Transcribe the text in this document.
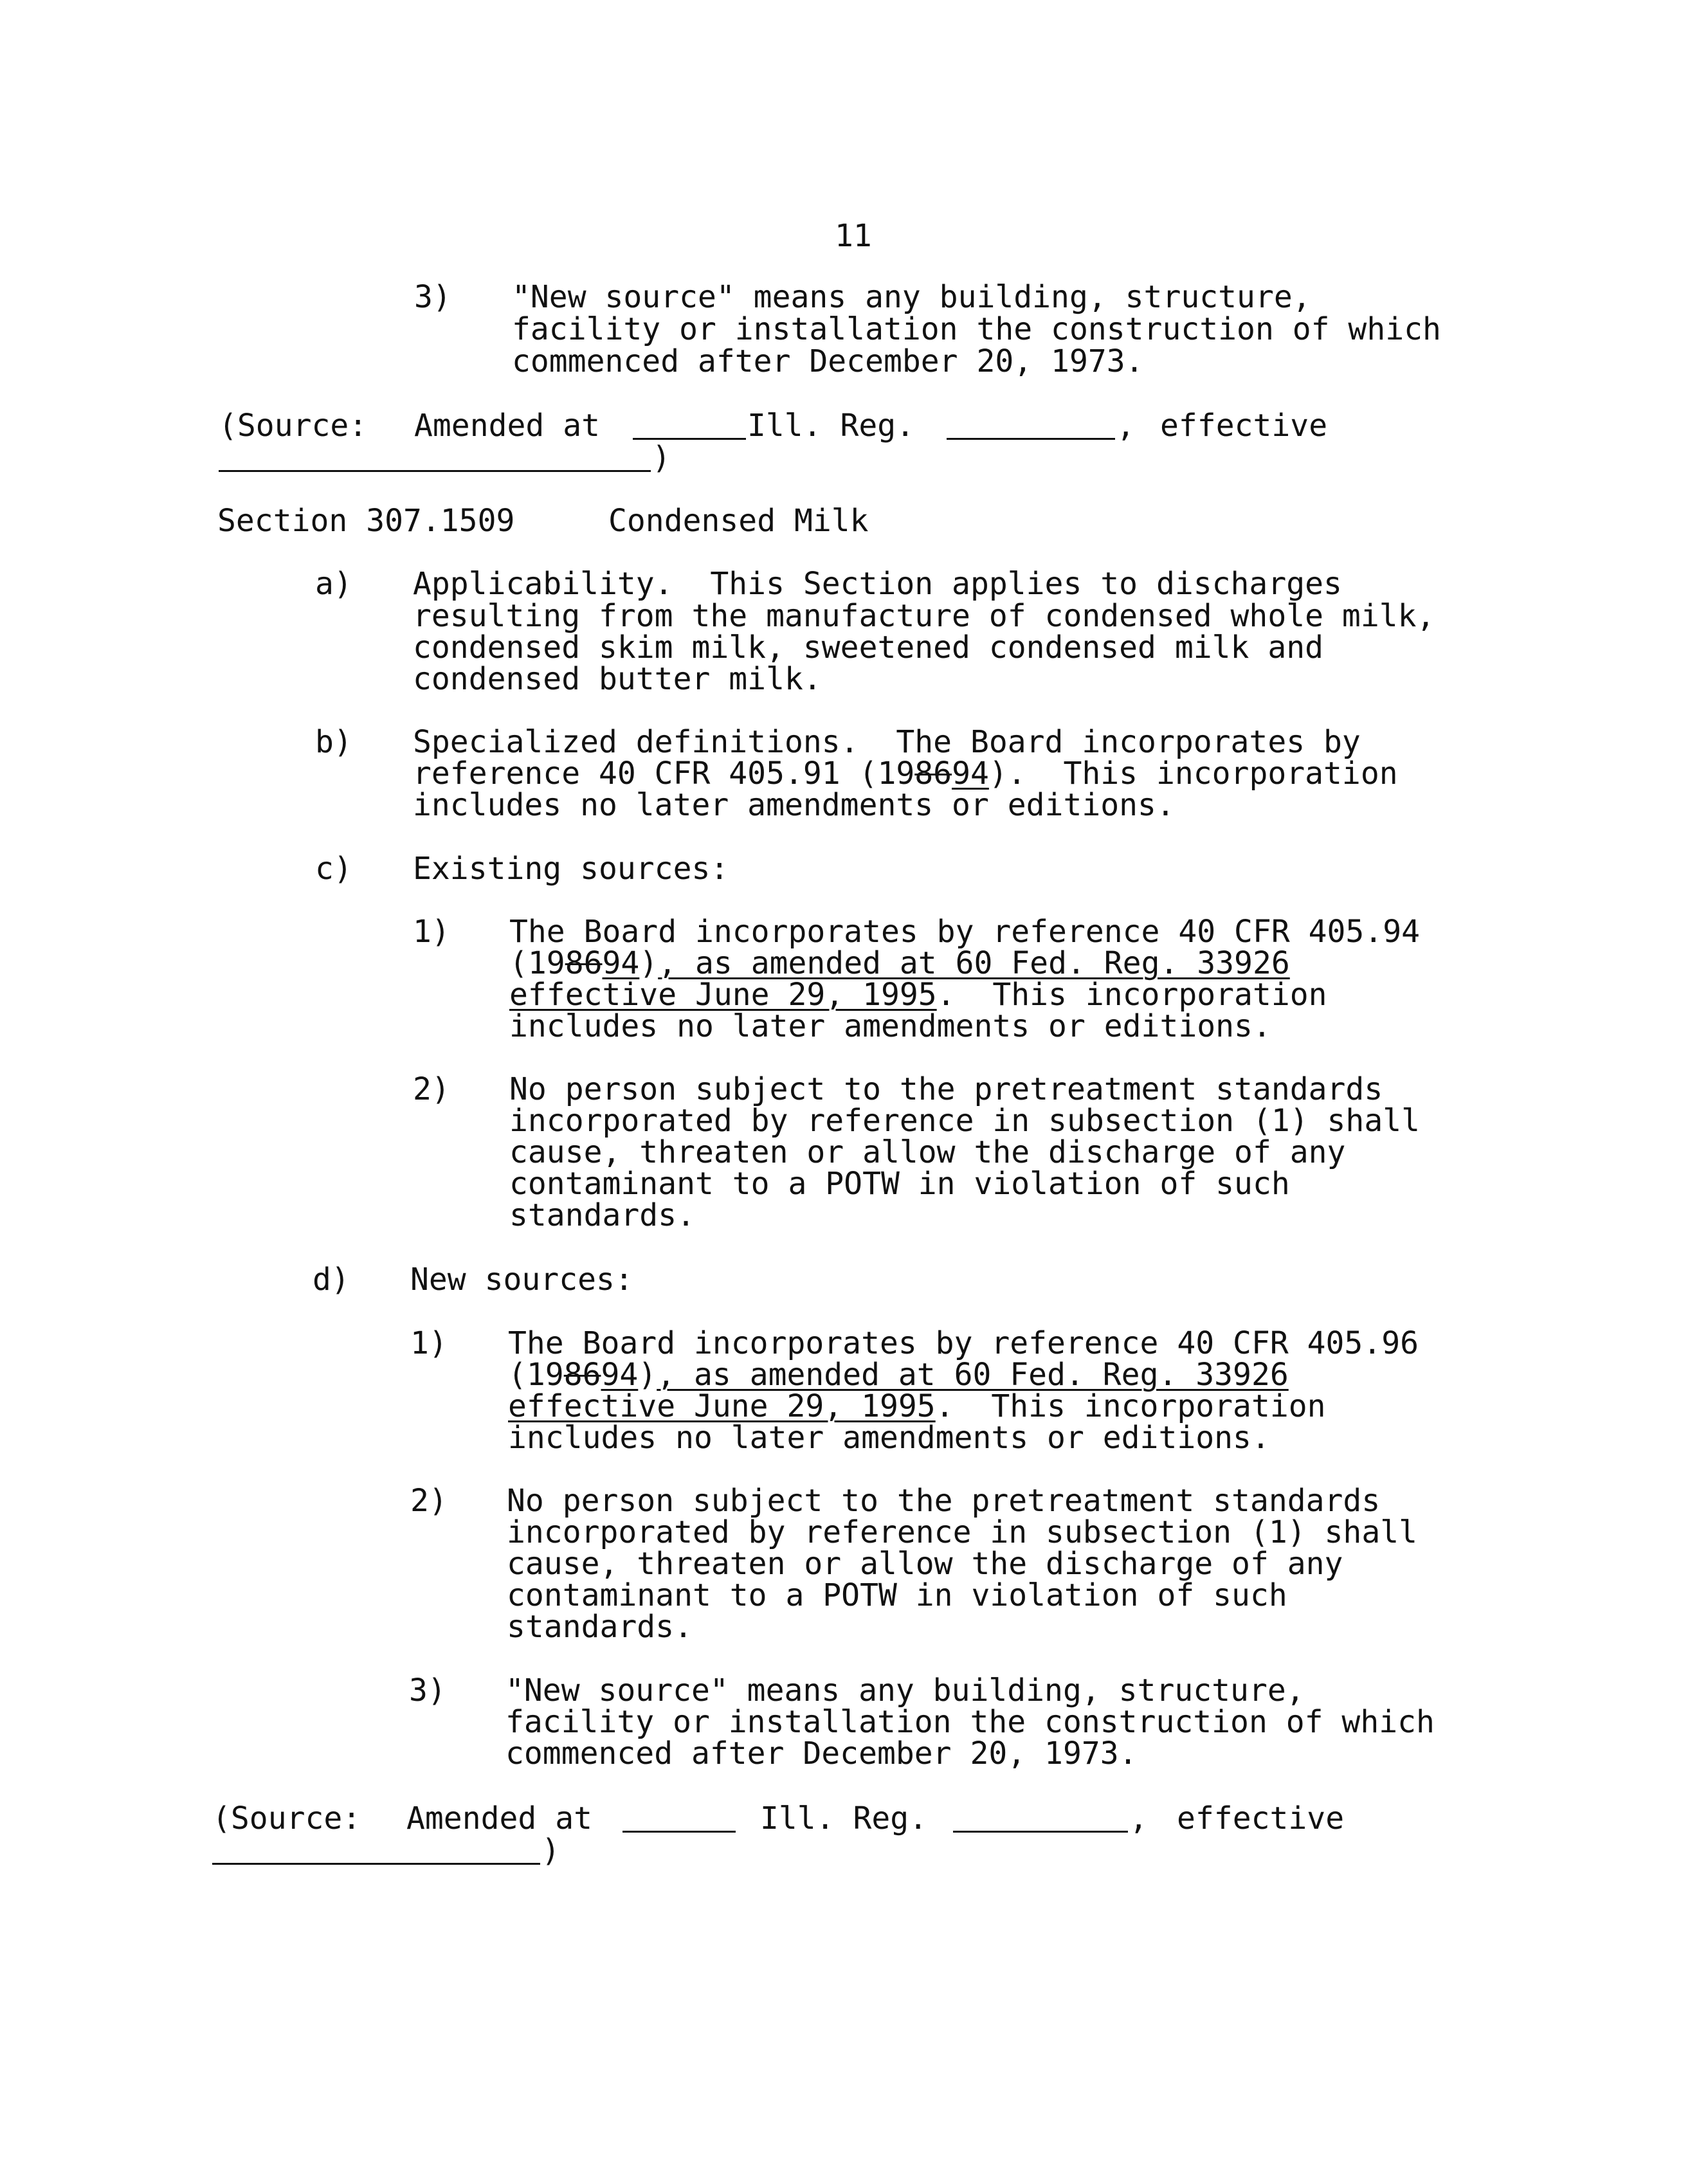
11
3) "New source" means any building, structure,
facility or installation the construction of which
commenced after December 20, 1973.
(Source: Amended at	Ill. Reg.	, effective
)
Section 307.1509	Condensed Milk
a) Applicability.  This Section applies to discharges
resulting from the manufacture of condensed whole milk,
condensed skim milk, sweetened condensed milk and
condensed butter milk.
b) Specialized definitions.  The Board incorporates by
reference 40 CFR 405.91 (198694).  This incorporation
includes no later amendments or editions.
c) Existing sources:
1) The Board incorporates by reference 40 CFR 405.94
(198694), as amended at 60 Fed. Reg. 33926
effective June 29, 1995.  This incorporation
includes no later amendments or editions.
2) No person subject to the pretreatment standards
incorporated by reference in subsection (1) shall
cause, threaten or allow the discharge of any
contaminant to a POTW in violation of such
standards.
d) New sources:
1) The Board incorporates by reference 40 CFR 405.96
(198694), as amended at 60 Fed. Reg. 33926
effective June 29, 1995.  This incorporation
includes no later amendments or editions.
2) No person subject to the pretreatment standards
incorporated by reference in subsection (1) shall
cause, threaten or allow the discharge of any
contaminant to a POTW in violation of such
standards.
3) "New source" means any building, structure,
facility or installation the construction of which
commenced after December 20, 1973.
(Source: Amended at	Ill. Reg.	, effective
)
